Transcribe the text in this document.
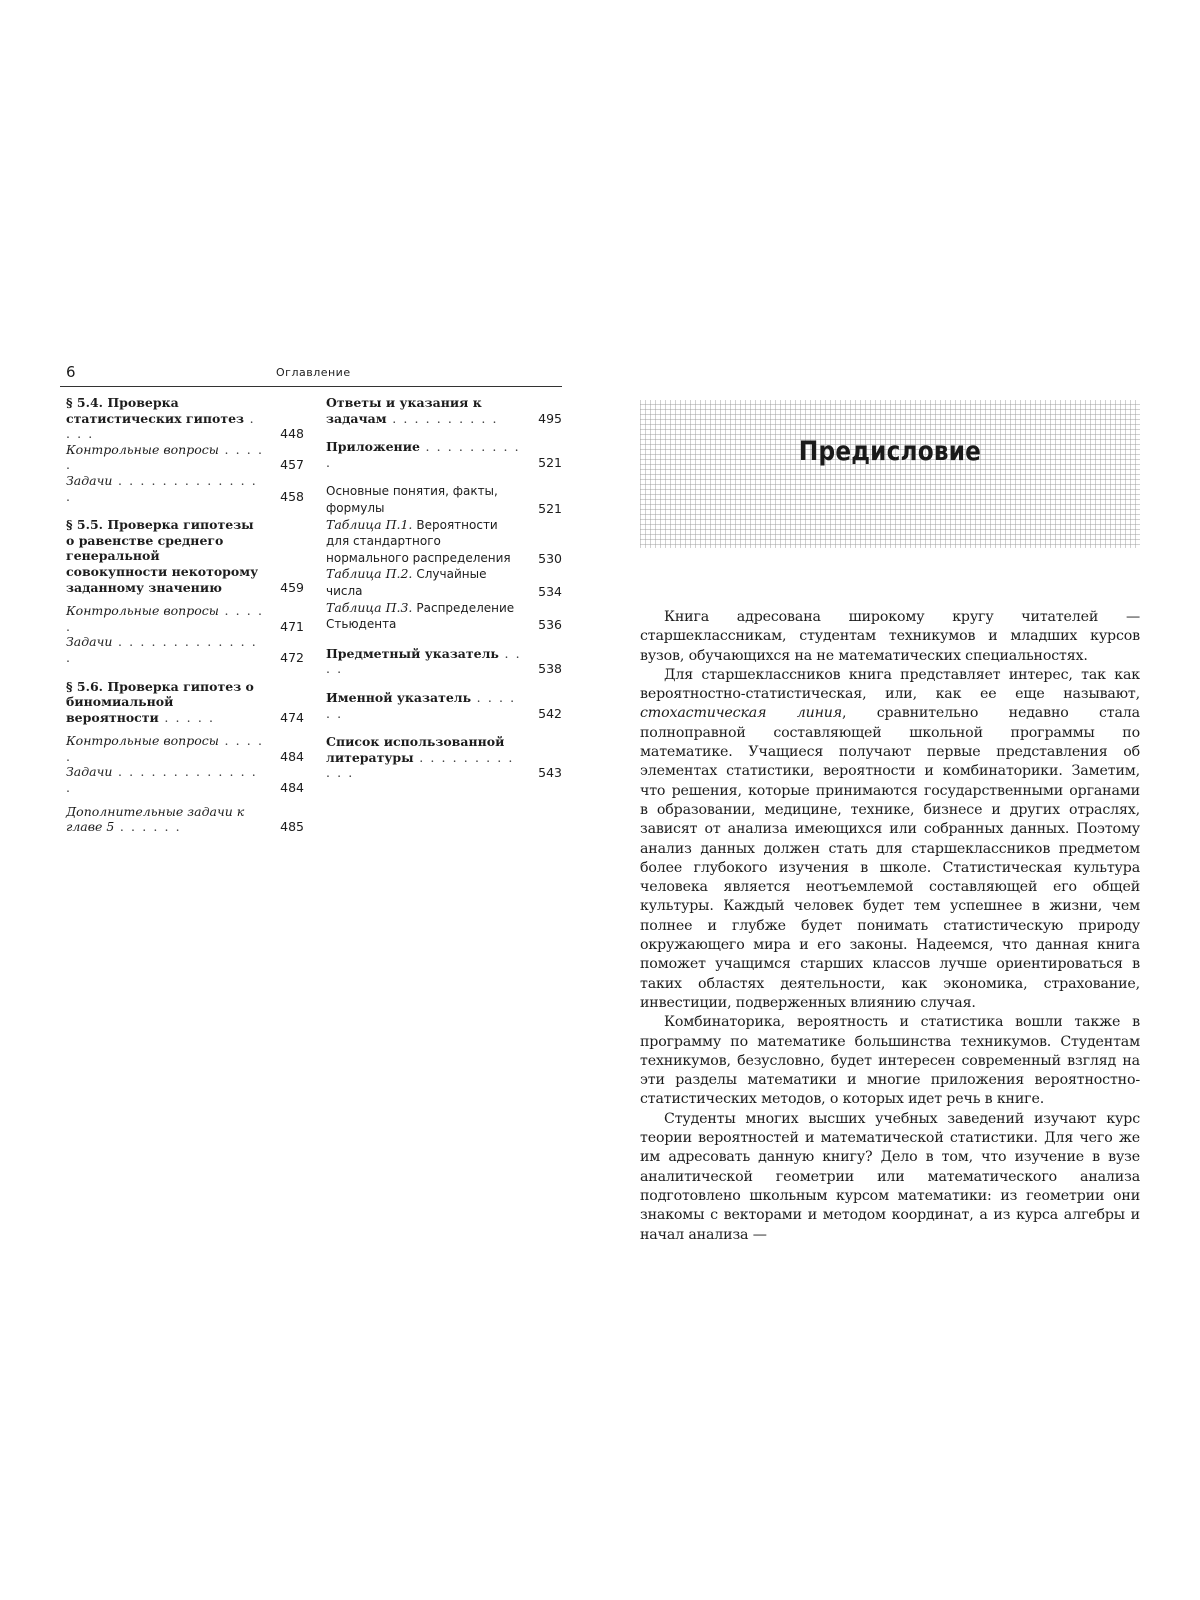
6	Оглавление
§ 5.4. Проверка статистических гипотез . . . .	448
Контрольные вопросы . . . . .	457
Задачи . . . . . . . . . . . . . .	458
§ 5.5. Проверка гипотезы о равенстве среднего генеральной совокупности некоторому заданному значению	459
Контрольные вопросы . . . . .	471
Задачи . . . . . . . . . . . . . .	472
§ 5.6. Проверка гипотез о биномиальной вероятности . . . . .	474
Контрольные вопросы . . . . .	484
Задачи . . . . . . . . . . . . . .	484
Дополнительные задачи к главе 5 . . . . . .	485
Ответы и указания к задачам . . . . . . . . . .	495
Приложение . . . . . . . . . .	521
Основные понятия, факты, формулы	521
Таблица П.1. Вероятности для стандартного нормального распределения 530
Таблица П.2. Случайные числа	534
Таблица П.3. Распределение Стьюдента	536
Предметный указатель . . . .	538
Именной указатель . . . . . .	542
Список использованной литературы . . . . . . . . . . . .	543
Предисловие

Книга адресована широкому кругу читателей — старшеклассникам, студентам техникумов и младших курсов вузов, обучающихся на не математических специальностях.

Для старшеклассников книга представляет интерес, так как вероятностно-статистическая, или, как ее еще называют, стохастическая линия, сравнительно недавно стала полноправной составляющей школьной программы по математике. Учащиеся получают первые представления об элементах статистики, вероятности и комбинаторики. Заметим, что решения, которые принимаются государственными органами в образовании, медицине, технике, бизнесе и других отраслях, зависят от анализа имеющихся или собранных данных. Поэтому анализ данных должен стать для старшеклассников предметом более глубокого изучения в школе. Статистическая культура человека является неотъемлемой составляющей его общей культуры. Каждый человек будет тем успешнее в жизни, чем полнее и глубже будет понимать статистическую природу окружающего мира и его законы. Надеемся, что данная книга поможет учащимся старших классов лучше ориентироваться в таких областях деятельности, как экономика, страхование, инвестиции, подверженных влиянию случая.

Комбинаторика, вероятность и статистика вошли также в программу по математике большинства техникумов. Студентам техникумов, безусловно, будет интересен современный взгляд на эти разделы математики и многие приложения вероятностно-статистических методов, о которых идет речь в книге.

Студенты многих высших учебных заведений изучают курс теории вероятностей и математической статистики. Для чего же им адресовать данную книгу? Дело в том, что изучение в вузе аналитической геометрии или математического анализа подготовлено школьным курсом математики: из геометрии они знакомы с векторами и методом координат, а из курса алгебры и начал анализа —
